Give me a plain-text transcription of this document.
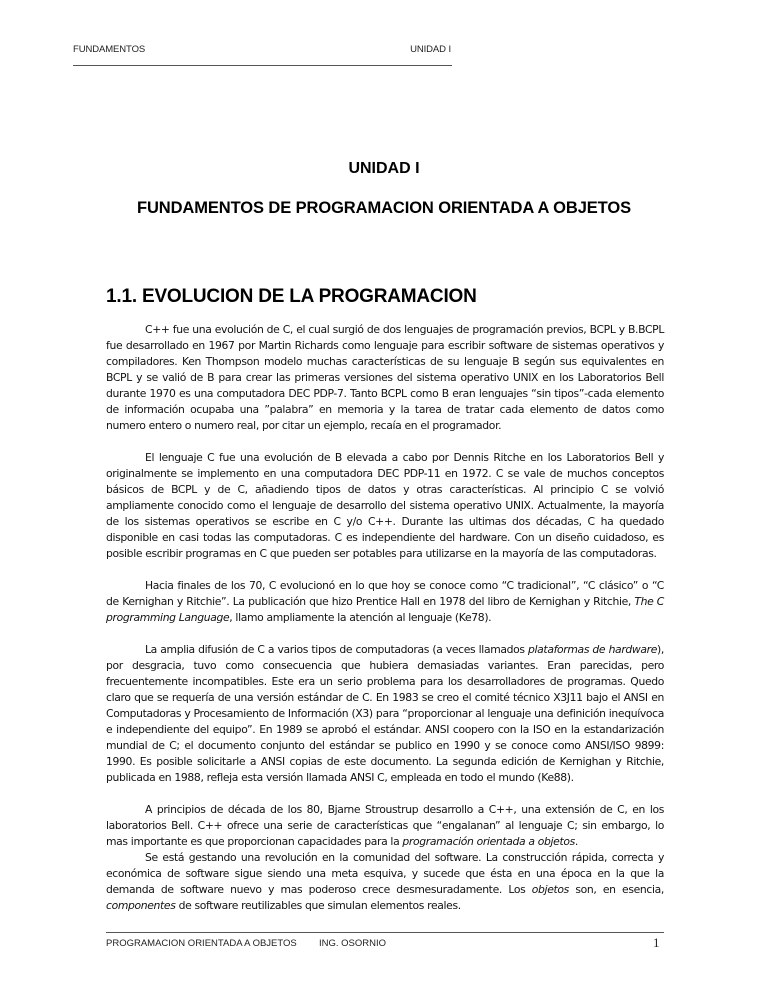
FUNDAMENTOS	UNIDAD I
UNIDAD I
FUNDAMENTOS DE PROGRAMACION ORIENTADA A OBJETOS
1.1. EVOLUCION DE LA PROGRAMACION

C++ fue una evolución de C, el cual surgió de dos lenguajes de programación previos, BCPL y B.BCPL fue desarrollado en 1967 por Martin Richards como lenguaje para escribir software de sistemas operativos y compiladores. Ken Thompson modelo muchas características de su lenguaje B según sus equivalentes en BCPL y se valió de B para crear las primeras versiones del sistema operativo UNIX en los Laboratorios Bell durante 1970 es una computadora DEC PDP-7. Tanto BCPL como B eran lenguajes “sin tipos”-cada elemento de información ocupaba una ”palabra” en memoria y la tarea de tratar cada elemento de datos como numero entero o numero real, por citar un ejemplo, recaía en el programador.

El lenguaje C fue una evolución de B elevada a cabo por Dennis Ritche en los Laboratorios Bell y originalmente se implemento en una computadora DEC PDP-11 en 1972. C se vale de muchos conceptos básicos de BCPL y de C, añadiendo tipos de datos y otras características. Al principio C se volvió ampliamente conocido como el lenguaje de desarrollo del sistema operativo UNIX. Actualmente, la mayoría de los sistemas operativos se escribe en C y/o C++. Durante las ultimas dos décadas, C ha quedado disponible en casi todas las computadoras. C es independiente del hardware. Con un diseño cuidadoso, es posible escribir programas en C que pueden ser potables para utilizarse en la mayoría de las computadoras.

Hacia finales de los 70, C evolucionó en lo que hoy se conoce como “C tradicional”, “C clásico” o “C de Kernighan y Ritchie”. La publicación que hizo Prentice Hall en 1978 del libro de Kernighan y Ritchie, The C programming Language, llamo ampliamente la atención al lenguaje (Ke78).

La amplia difusión de C a varios tipos de computadoras (a veces llamados plataformas de hardware), por desgracia, tuvo como consecuencia que hubiera demasiadas variantes. Eran parecidas, pero frecuentemente incompatibles. Este era un serio problema para los desarrolladores de programas. Quedo claro que se requería de una versión estándar de C. En 1983 se creo el comité técnico X3J11 bajo el ANSI en Computadoras y Procesamiento de Información (X3) para “proporcionar al lenguaje una definición inequívoca e independiente del equipo”. En 1989 se aprobó el estándar. ANSI coopero con la ISO en la estandarización mundial de C; el documento conjunto del estándar se publico en 1990 y se conoce como ANSI/ISO 9899: 1990. Es posible solicitarle a ANSI copias de este documento. La segunda edición de Kernighan y Ritchie, publicada en 1988, refleja esta versión llamada ANSI C, empleada en todo el mundo (Ke88).

A principios de década de los 80, Bjarne Stroustrup desarrollo a C++, una extensión de C, en los laboratorios Bell. C++ ofrece una serie de características que “engalanan” al lenguaje C; sin embargo, lo mas importante es que proporcionan capacidades para la programación orientada a objetos.

Se está gestando una revolución en la comunidad del software. La construcción rápida, correcta y económica de software sigue siendo una meta esquiva, y sucede que ésta en una época en la que la demanda de software nuevo y mas poderoso crece desmesuradamente. Los objetos son, en esencia, componentes de software reutilizables que simulan elementos reales.

PROGRAMACION ORIENTADA A OBJETOS ING. OSORNIO	1
